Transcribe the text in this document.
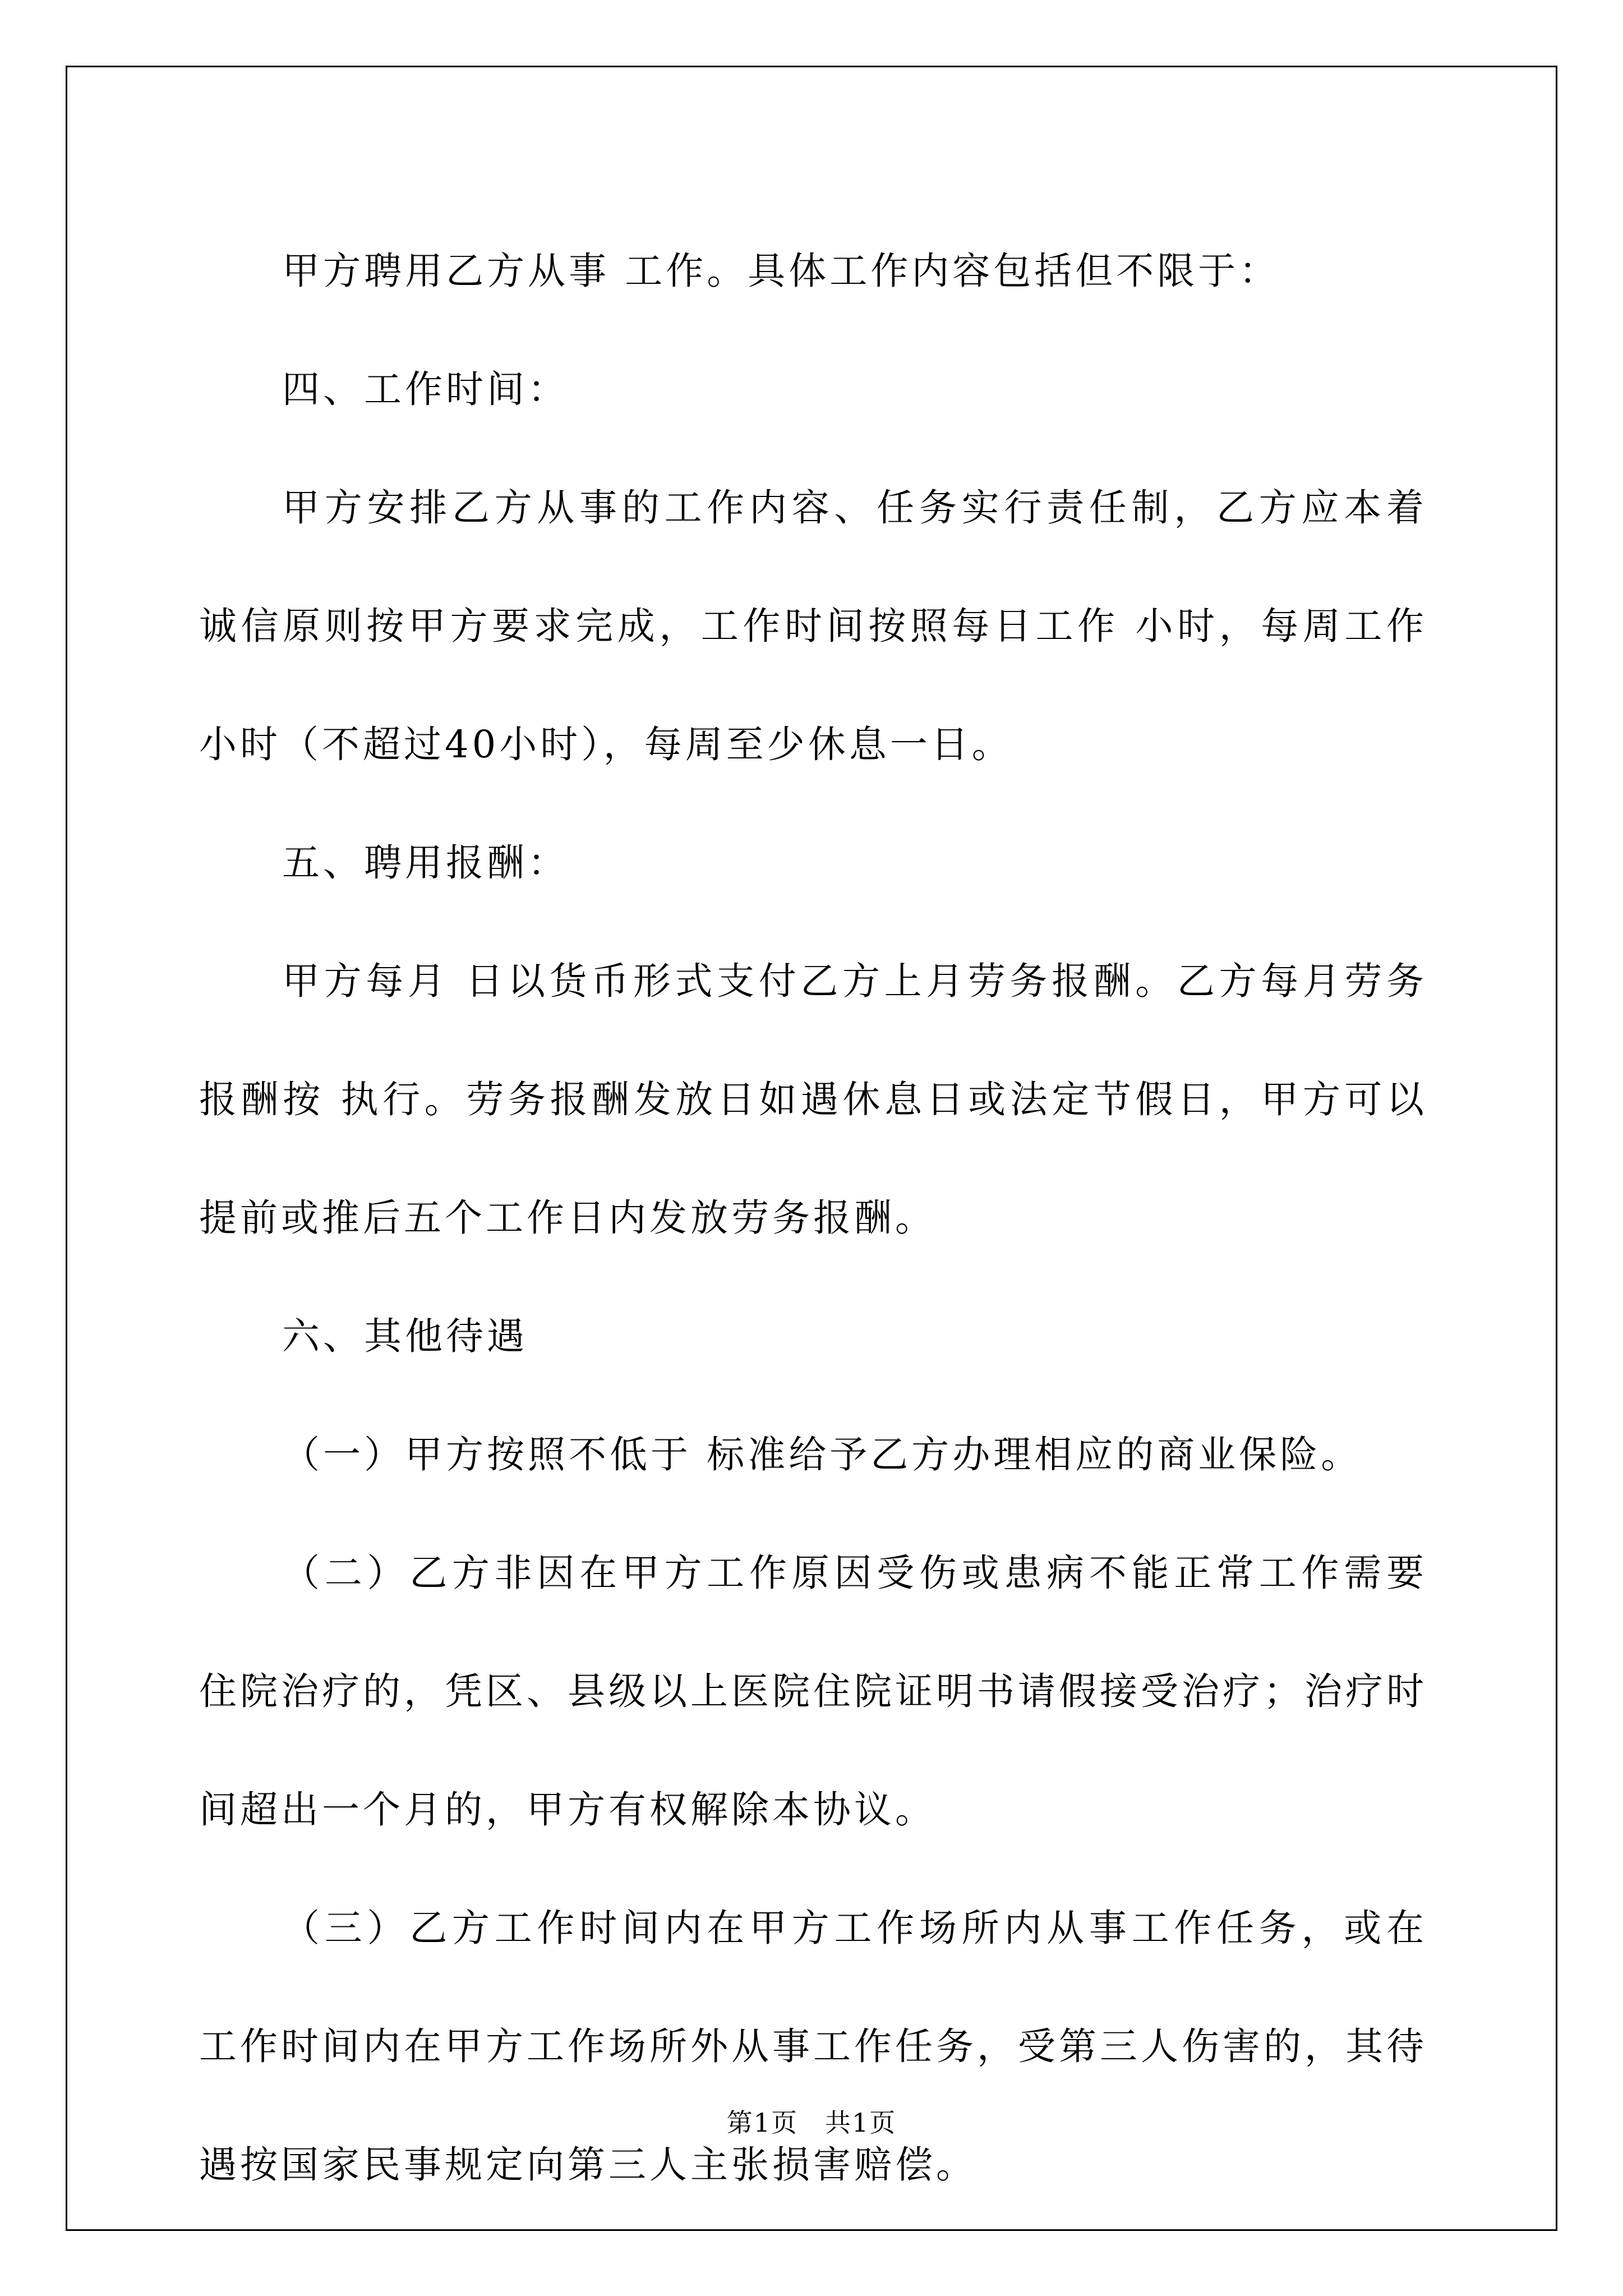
甲方聘用乙方从事 工作。具体工作内容包括但不限于：

四、工作时间：

甲方安排乙方从事的工作内容、任务实行责任制，乙方应本着诚信原则按甲方要求完成，工作时间按照每日工作 小时，每周工作 小时（不超过40小时），每周至少休息一日。

五、聘用报酬：

甲方每月 日以货币形式支付乙方上月劳务报酬。乙方每月劳务报酬按 执行。劳务报酬发放日如遇休息日或法定节假日，甲方可以提前或推后五个工作日内发放劳务报酬。

六、其他待遇

（一）甲方按照不低于 标准给予乙方办理相应的商业保险。

（二）乙方非因在甲方工作原因受伤或患病不能正常工作需要住院治疗的，凭区、县级以上医院住院证明书请假接受治疗；治疗时间超出一个月的，甲方有权解除本协议。

（三）乙方工作时间内在甲方工作场所内从事工作任务，或在工作时间内在甲方工作场所外从事工作任务，受第三人伤害的，其待遇按国家民事规定向第三人主张损害赔偿。

第1页　共1页
